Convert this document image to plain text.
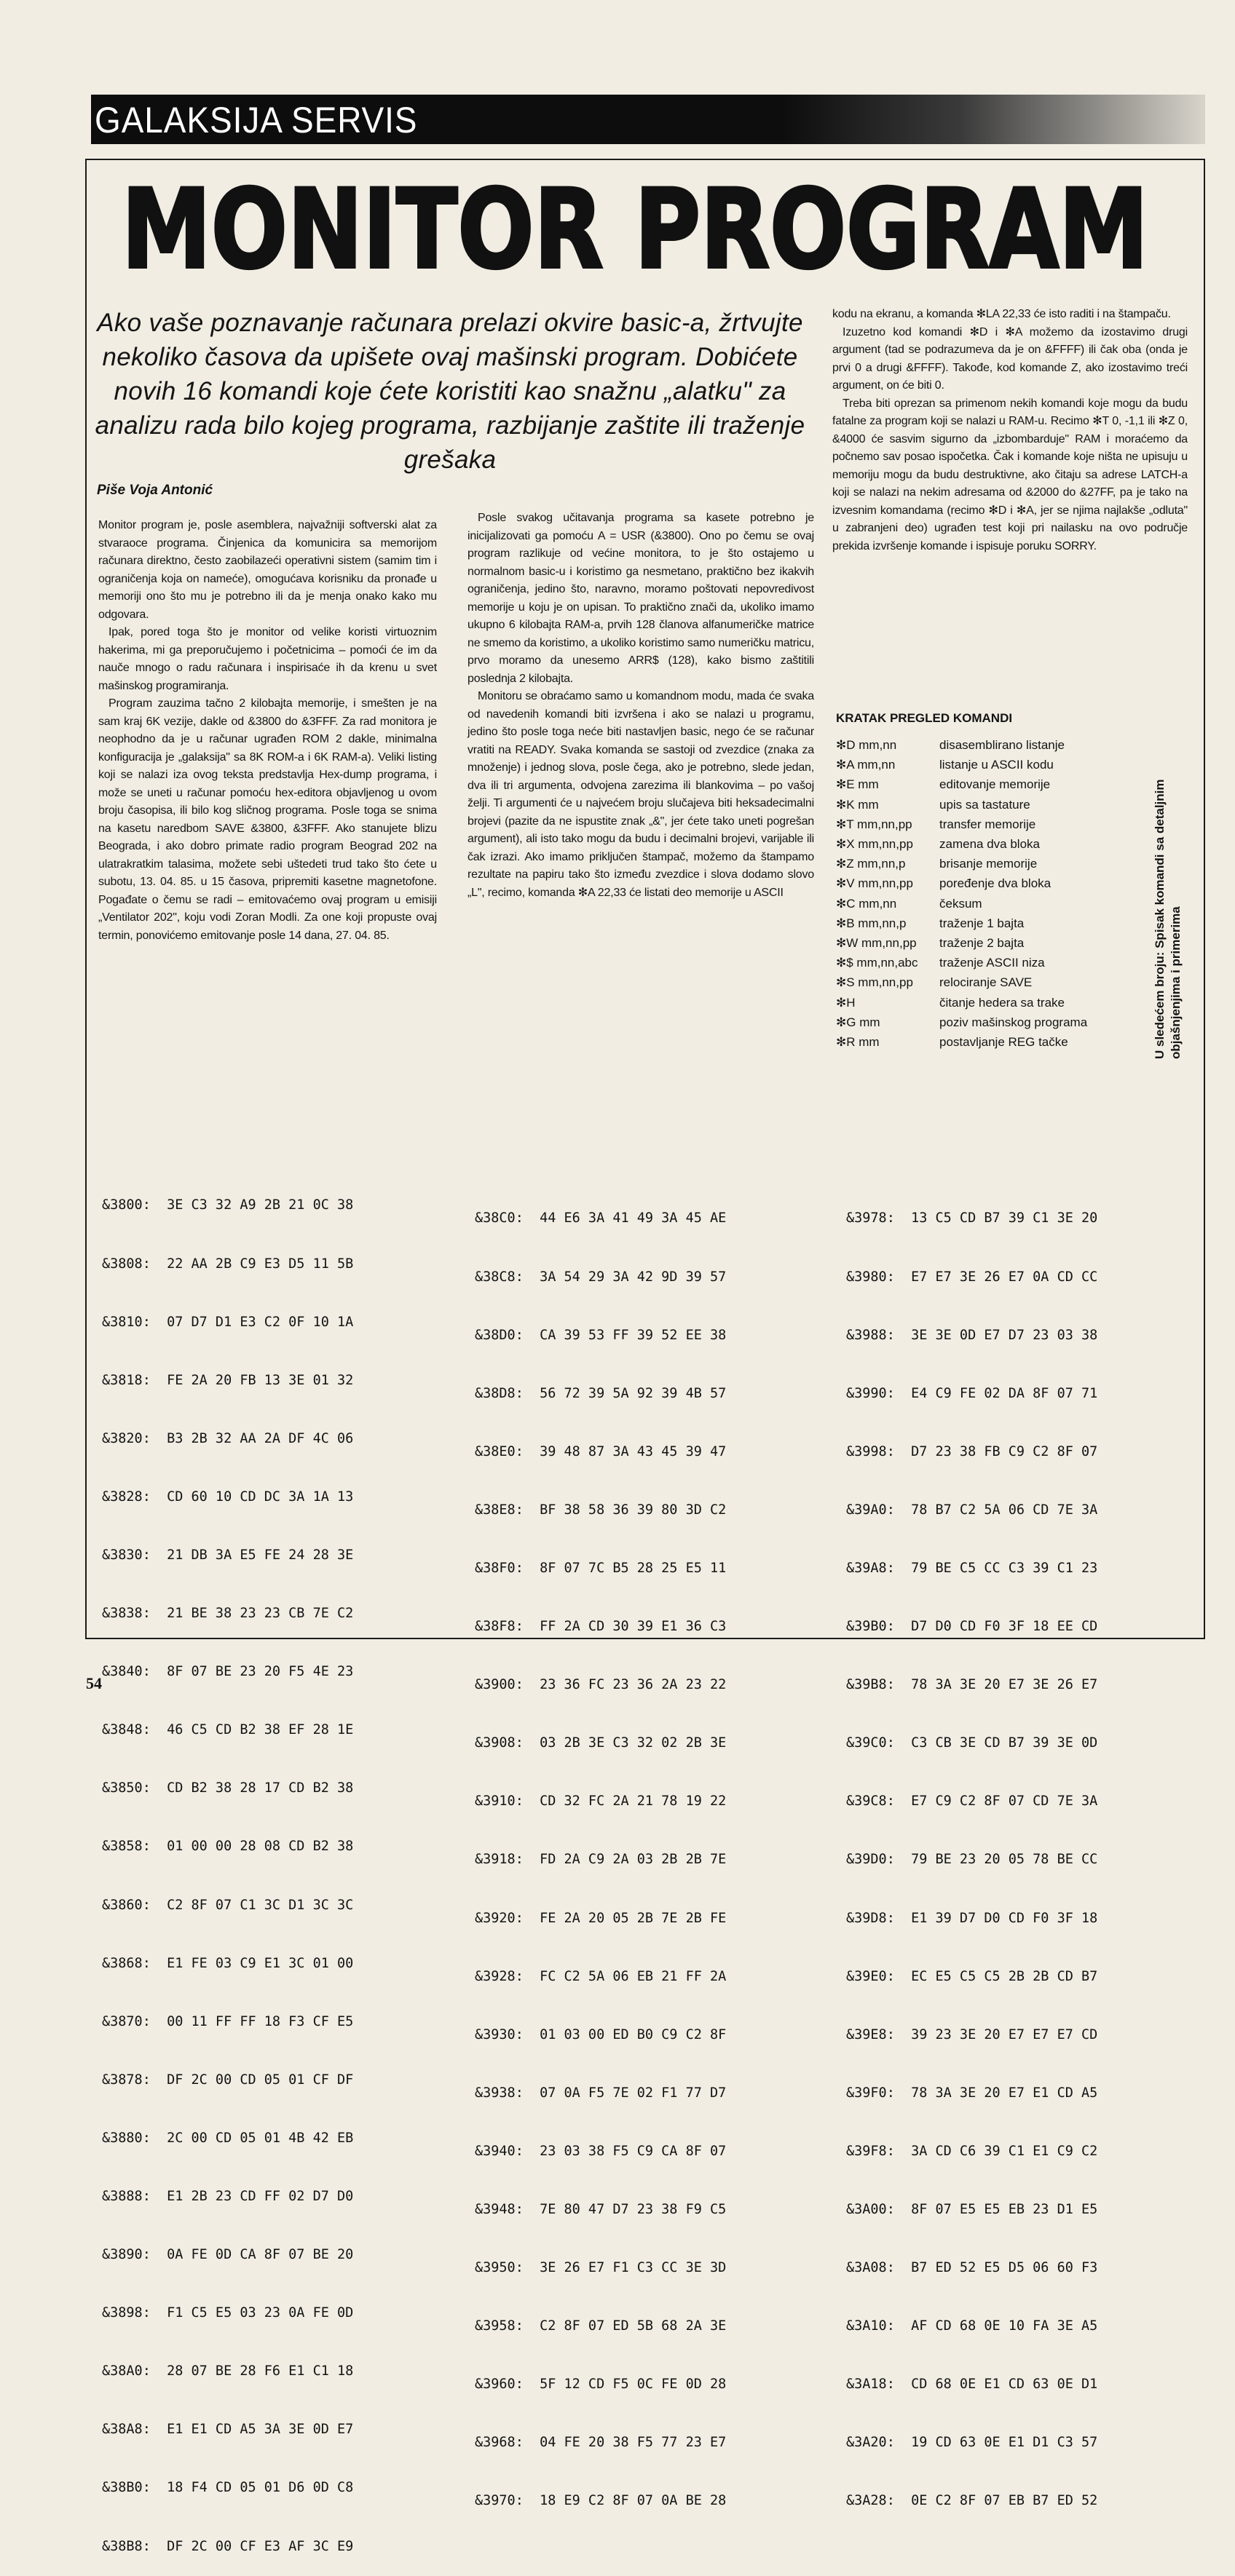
GALAKSIJA SERVIS
MONITOR PROGRAM
Ako vaše poznavanje računara prelazi okvire basic-a, žrtvujte nekoliko časova da upišete ovaj mašinski program. Dobićete novih 16 komandi koje ćete koristiti kao snažnu „alatku" za analizu rada bilo kojeg programa, razbijanje zaštite ili traženje grešaka
Piše Voja Antonić

Monitor program je, posle asemblera, najvažniji softverski alat za stvaraoce programa. Činjenica da komunicira sa memorijom računara direktno, često zaobilazeći operativni sistem (samim tim i ograničenja koja on nameće), omogućava korisniku da pronađe u memoriji ono što mu je potrebno ili da je menja onako kako mu odgovara.

Ipak, pored toga što je monitor od velike koristi virtuoznim hakerima, mi ga preporučujemo i početnicima – pomoći će im da nauče mnogo o radu računara i inspirisaće ih da krenu u svet mašinskog programiranja.

Program zauzima tačno 2 kilobajta memorije, i smešten je na sam kraj 6K vezije, dakle od &3800 do &3FFF. Za rad monitora je neophodno da je u računar ugrađen ROM 2 dakle, minimalna konfiguracija je „galaksija" sa 8K ROM-a i 6K RAM-a). Veliki listing koji se nalazi iza ovog teksta predstavlja Hex-dump programa, i može se uneti u računar pomoću hex-editora objavljenog u ovom broju časopisa, ili bilo kog sličnog programa. Posle toga se snima na kasetu naredbom SAVE &3800, &3FFF. Ako stanujete blizu Beograda, i ako dobro primate radio program Beograd 202 na ulatrakratkim talasima, možete sebi uštedeti trud tako što ćete u subotu, 13. 04. 85. u 15 časova, pripremiti kasetne magnetofone. Pogađate o čemu se radi – emitovaćemo ovaj program u emisiji „Ventilator 202", koju vodi Zoran Modli. Za one koji propuste ovaj termin, ponovićemo emitovanje posle 14 dana, 27. 04. 85.

Posle svakog učitavanja programa sa kasete potrebno je inicijalizovati ga pomoću A = USR (&3800). Ono po čemu se ovaj program razlikuje od većine monitora, to je što ostajemo u normalnom basic-u i koristimo ga nesmetano, praktično bez ikakvih ograničenja, jedino što, naravno, moramo poštovati nepovredivost memorije u koju je on upisan. To praktično znači da, ukoliko imamo ukupno 6 kilobajta RAM-a, prvih 128 članova alfanumeričke matrice ne smemo da koristimo, a ukoliko koristimo samo numeričku matricu, prvo moramo da unesemo ARR$ (128), kako bismo zaštitili poslednja 2 kilobajta.

Monitoru se obraćamo samo u komandnom modu, mada će svaka od navedenih komandi biti izvršena i ako se nalazi u programu, jedino što posle toga neće biti nastavljen basic, nego će se računar vratiti na READY. Svaka komanda se sastoji od zvezdice (znaka za množenje) i jednog slova, posle čega, ako je potrebno, slede jedan, dva ili tri argumenta, odvojena zarezima ili blankovima – po vašoj želji. Ti argumenti će u najvećem broju slučajeva biti heksadecimalni brojevi (pazite da ne ispustite znak „&", jer ćete tako uneti pogrešan argument), ali isto tako mogu da budu i decimalni brojevi, varijable ili čak izrazi. Ako imamo priključen štampač, možemo da štampamo rezultate na papiru tako što između zvezdice i slova dodamo slovo „L", recimo, komanda ✻A 22,33 će listati deo memorije u ASCII

kodu na ekranu, a komanda ✻LA 22,33 će isto raditi i na štampaču.

Izuzetno kod komandi ✻D i ✻A možemo da izostavimo drugi argument (tad se podrazumeva da je on &FFFF) ili čak oba (onda je prvi 0 a drugi &FFFF). Takođe, kod komande Z, ako izostavimo treći argument, on će biti 0.

Treba biti oprezan sa primenom nekih komandi koje mogu da budu fatalne za program koji se nalazi u RAM-u. Recimo ✻T 0, -1,1 ili ✻Z 0, &4000 će sasvim sigurno da „izbombarduje" RAM i moraćemo da počnemo sav posao ispočetka. Čak i komande koje ništa ne upisuju u memoriju mogu da budu destruktivne, ako čitaju sa adrese LATCH-a koji se nalazi na nekim adresama od &2000 do &27FF, pa je tako na izvesnim komandama (recimo ✻D i ✻A, jer se njima najlakše „odluta" u zabranjeni deo) ugrađen test koji pri nailasku na ovo područje prekida izvršenje komande i ispisuje poruku SORRY.

KRATAK PREGLED KOMANDI
✻D mm,nn	disasemblirano listanje
✻A mm,nn	listanje u ASCII kodu
✻E mm	editovanje memorije
✻K mm	upis sa tastature
✻T mm,nn,pp	transfer memorije
✻X mm,nn,pp	zamena dva bloka
✻Z mm,nn,p	brisanje memorije
✻V mm,nn,pp	poređenje dva bloka
✻C mm,nn	čeksum
✻B mm,nn,p	traženje 1 bajta
✻W mm,nn,pp	traženje 2 bajta
✻$ mm,nn,abc	traženje ASCII niza
✻S mm,nn,pp	relociranje SAVE
✻H	čitanje hedera sa trake
✻G mm	poziv mašinskog programa
✻R mm	postavljanje REG tačke	U sledećem broju: Spisak komandi sa detaljnim objašnjenjima i primerima

&3800:  3E C3 32 A9 2B 21 0C 38

&3808:  22 AA 2B C9 E3 D5 11 5B

&3810:  07 D7 D1 E3 C2 0F 10 1A

&3818:  FE 2A 20 FB 13 3E 01 32

&3820:  B3 2B 32 AA 2A DF 4C 06

&3828:  CD 60 10 CD DC 3A 1A 13

&3830:  21 DB 3A E5 FE 24 28 3E

&3838:  21 BE 38 23 23 CB 7E C2

&3840:  8F 07 BE 23 20 F5 4E 23

&3848:  46 C5 CD B2 38 EF 28 1E

&3850:  CD B2 38 28 17 CD B2 38

&3858:  01 00 00 28 08 CD B2 38

&3860:  C2 8F 07 C1 3C D1 3C 3C

&3868:  E1 FE 03 C9 E1 3C 01 00

&3870:  00 11 FF FF 18 F3 CF E5

&3878:  DF 2C 00 CD 05 01 CF DF

&3880:  2C 00 CD 05 01 4B 42 EB

&3888:  E1 2B 23 CD FF 02 D7 D0

&3890:  0A FE 0D CA 8F 07 BE 20

&3898:  F1 C5 E5 03 23 0A FE 0D

&38A0:  28 07 BE 28 F6 E1 C1 18

&38A8:  E1 E1 CD A5 3A 3E 0D E7

&38B0:  18 F4 CD 05 01 D6 0D C8

&38B8:  DF 2C 00 CF E3 AF 3C E9

&38C0:  44 E6 3A 41 49 3A 45 AE

&38C8:  3A 54 29 3A 42 9D 39 57

&38D0:  CA 39 53 FF 39 52 EE 38

&38D8:  56 72 39 5A 92 39 4B 57

&38E0:  39 48 87 3A 43 45 39 47

&38E8:  BF 38 58 36 39 80 3D C2

&38F0:  8F 07 7C B5 28 25 E5 11

&38F8:  FF 2A CD 30 39 E1 36 C3

&3900:  23 36 FC 23 36 2A 23 22

&3908:  03 2B 3E C3 32 02 2B 3E

&3910:  CD 32 FC 2A 21 78 19 22

&3918:  FD 2A C9 2A 03 2B 2B 7E

&3920:  FE 2A 20 05 2B 7E 2B FE

&3928:  FC C2 5A 06 EB 21 FF 2A

&3930:  01 03 00 ED B0 C9 C2 8F

&3938:  07 0A F5 7E 02 F1 77 D7

&3940:  23 03 38 F5 C9 CA 8F 07

&3948:  7E 80 47 D7 23 38 F9 C5

&3950:  3E 26 E7 F1 C3 CC 3E 3D

&3958:  C2 8F 07 ED 5B 68 2A 3E

&3960:  5F 12 CD F5 0C FE 0D 28

&3968:  04 FE 20 38 F5 77 23 E7

&3970:  18 E9 C2 8F 07 0A BE 28

&3978:  13 C5 CD B7 39 C1 3E 20

&3980:  E7 E7 3E 26 E7 0A CD CC

&3988:  3E 3E 0D E7 D7 23 03 38

&3990:  E4 C9 FE 02 DA 8F 07 71

&3998:  D7 23 38 FB C9 C2 8F 07

&39A0:  78 B7 C2 5A 06 CD 7E 3A

&39A8:  79 BE C5 CC C3 39 C1 23

&39B0:  D7 D0 CD F0 3F 18 EE CD

&39B8:  78 3A 3E 20 E7 3E 26 E7

&39C0:  C3 CB 3E CD B7 39 3E 0D

&39C8:  E7 C9 C2 8F 07 CD 7E 3A

&39D0:  79 BE 23 20 05 78 BE CC

&39D8:  E1 39 D7 D0 CD F0 3F 18

&39E0:  EC E5 C5 C5 2B 2B CD B7

&39E8:  39 23 3E 20 E7 E7 E7 CD

&39F0:  78 3A 3E 20 E7 E1 CD A5

&39F8:  3A CD C6 39 C1 E1 C9 C2

&3A00:  8F 07 E5 E5 EB 23 D1 E5

&3A08:  B7 ED 52 E5 D5 06 60 F3

&3A10:  AF CD 68 0E 10 FA 3E A5

&3A18:  CD 68 0E E1 CD 63 0E D1

&3A20:  19 CD 63 0E E1 D1 C3 57

&3A28:  0E C2 8F 07 EB B7 ED 52

54
